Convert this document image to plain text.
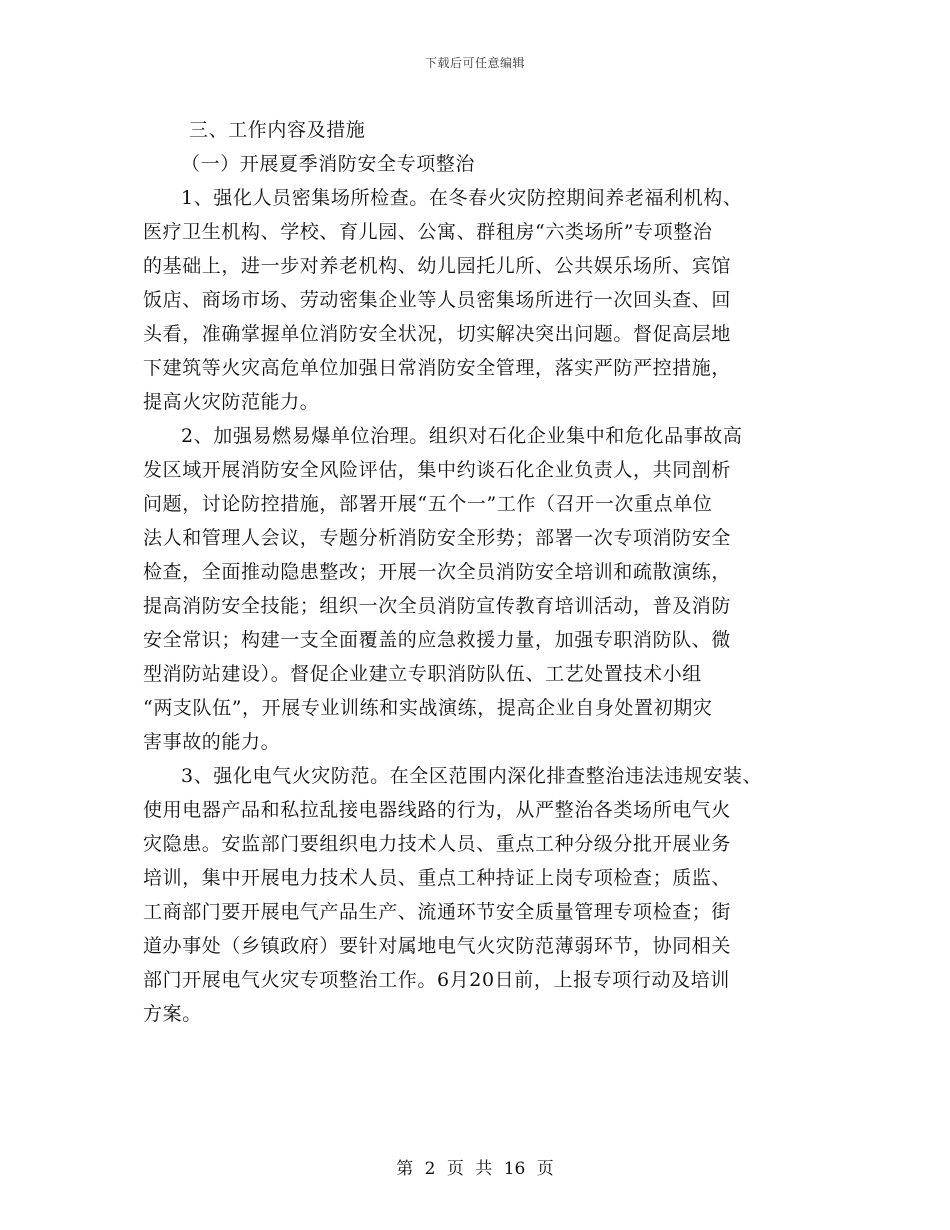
下载后可任意编辑
三、工作内容及措施
（一）开展夏季消防安全专项整治
1、强化人员密集场所检查。在冬春火灾防控期间养老福利机构、
医疗卫生机构、学校、育儿园、公寓、群租房“六类场所”专项整治
的基础上，进一步对养老机构、幼儿园托儿所、公共娱乐场所、宾馆
饭店、商场市场、劳动密集企业等人员密集场所进行一次回头查、回
头看，准确掌握单位消防安全状况，切实解决突出问题。督促高层地
下建筑等火灾高危单位加强日常消防安全管理，落实严防严控措施，
提高火灾防范能力。
2、加强易燃易爆单位治理。组织对石化企业集中和危化品事故高
发区域开展消防安全风险评估，集中约谈石化企业负责人，共同剖析
问题，讨论防控措施，部署开展“五个一”工作（召开一次重点单位
法人和管理人会议，专题分析消防安全形势；部署一次专项消防安全
检查，全面推动隐患整改；开展一次全员消防安全培训和疏散演练，
提高消防安全技能；组织一次全员消防宣传教育培训活动，普及消防
安全常识；构建一支全面覆盖的应急救援力量，加强专职消防队、微
型消防站建设）。督促企业建立专职消防队伍、工艺处置技术小组
“两支队伍”，开展专业训练和实战演练，提高企业自身处置初期灾
害事故的能力。
3、强化电气火灾防范。在全区范围内深化排查整治违法违规安装、
使用电器产品和私拉乱接电器线路的行为，从严整治各类场所电气火
灾隐患。安监部门要组织电力技术人员、重点工种分级分批开展业务
培训，集中开展电力技术人员、重点工种持证上岗专项检查；质监、
工商部门要开展电气产品生产、流通环节安全质量管理专项检查；街
道办事处（乡镇政府）要针对属地电气火灾防范薄弱环节，协同相关
部门开展电气火灾专项整治工作。6月20日前，上报专项行动及培训
方案。
第 2 页 共 16 页
